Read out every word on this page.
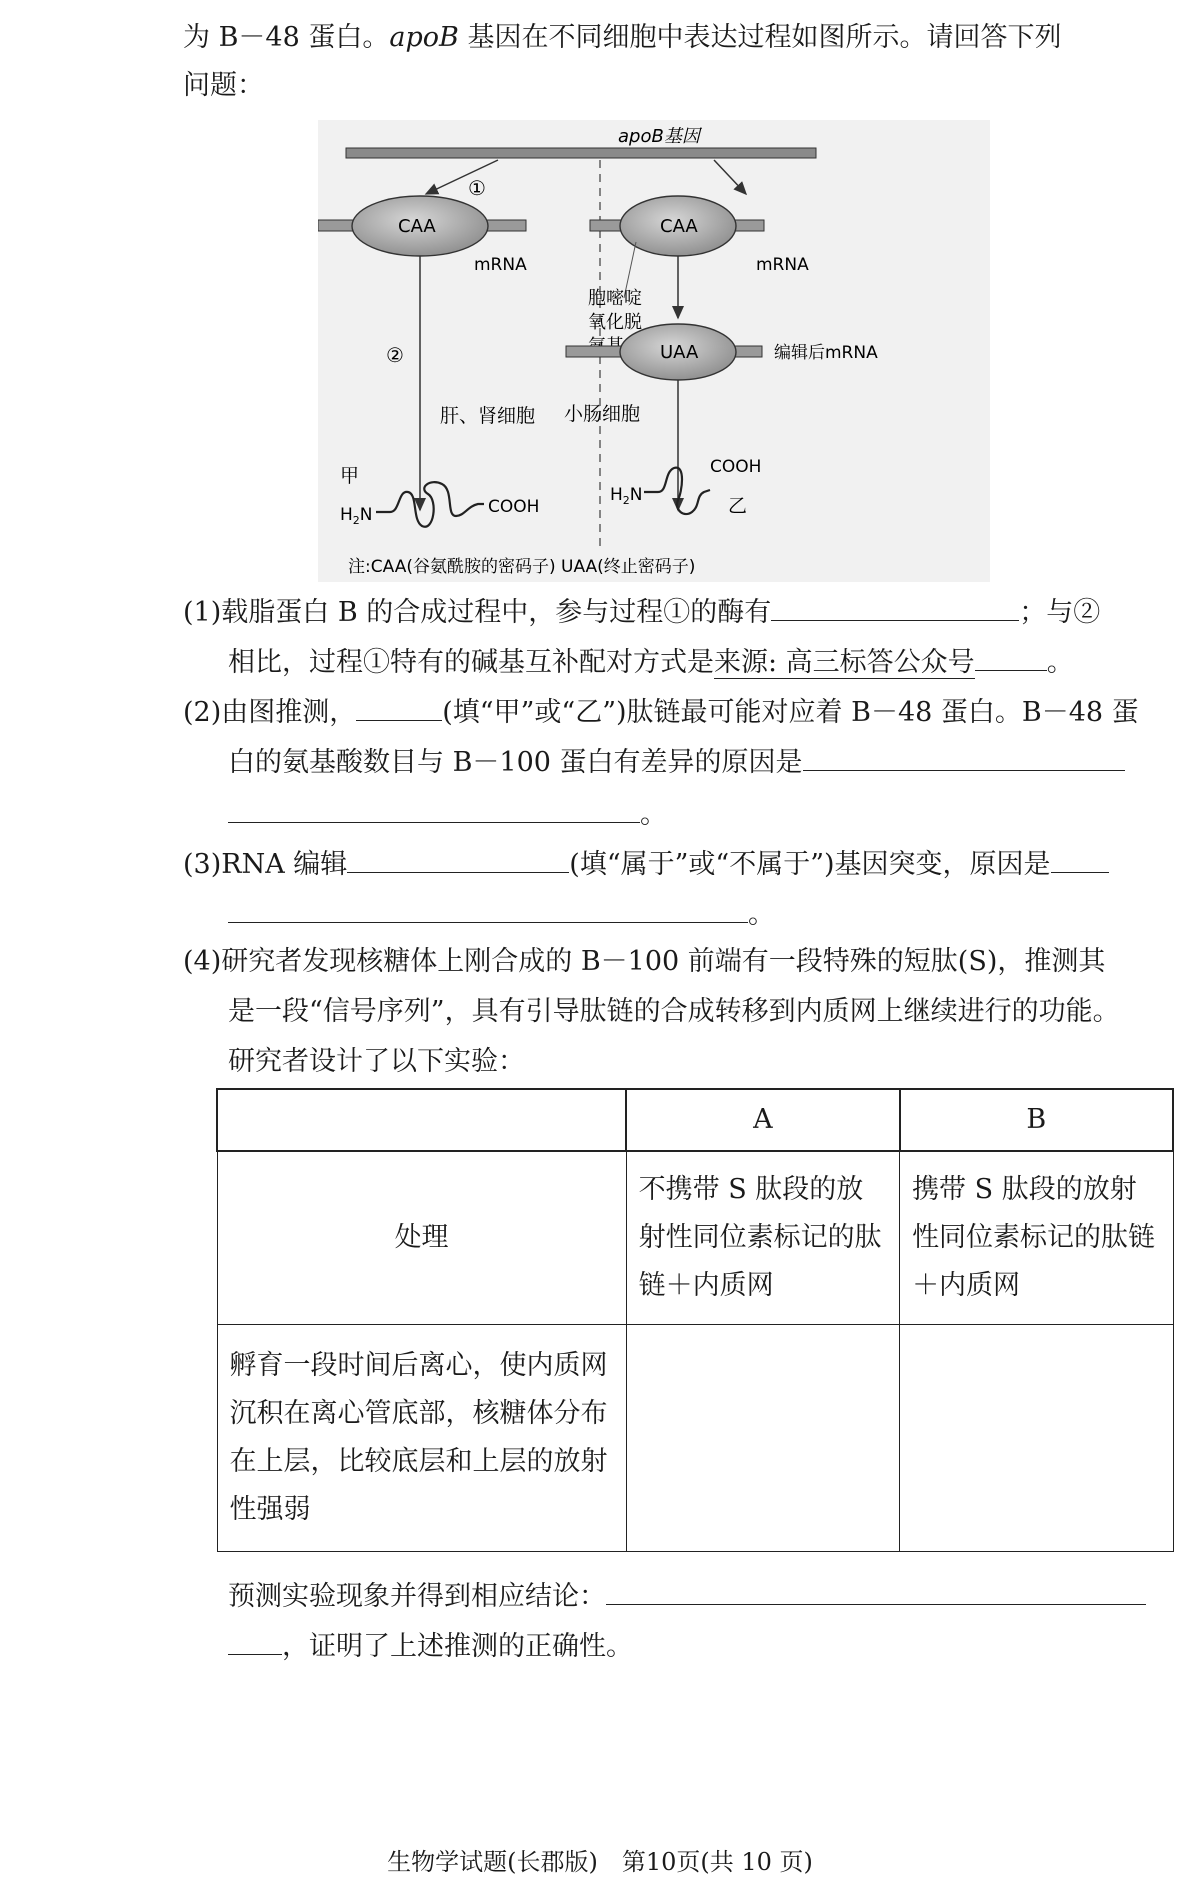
为 B－48 蛋白。apoB 基因在不同细胞中表达过程如图所示。请回答下列
问题：
apoB基因
①
CAA
mRNA
②
肝、肾细胞
甲
$H_2N$	COOH
CAA
mRNA
胞嘧啶
氧化脱
UAA	编辑后mRNA
小肠细胞
$H_2N$
COOH
乙
注:CAA(谷氨酰胺的密码子) UAA(终止密码子)
(1)载脂蛋白 B 的合成过程中，参与过程①的酶有	；与②
相比，过程①特有的碱基互补配对方式是来源: 高三标答公众号	。
(2)由图推测，	(填“甲”或“乙”)肽链最可能对应着 B－48 蛋白。B－48 蛋
白的氨基酸数目与 B－100 蛋白有差异的原因是
。
(3)RNA 编辑	(填“属于”或“不属于”)基因突变，原因是
。
(4)研究者发现核糖体上刚合成的 B－100 前端有一段特殊的短肽(S)，推测其
是一段“信号序列”，具有引导肽链的合成转移到内质网上继续进行的功能。
研究者设计了以下实验：
	A	B
处理	不携带 S 肽段的放射性同位素标记的肽链＋内质网	携带 S 肽段的放射性同位素标记的肽链＋内质网
孵育一段时间后离心，使内质网沉积在离心管底部，核糖体分布在上层，比较底层和上层的放射性强弱		
预测实验现象并得到相应结论：
，证明了上述推测的正确性。
生物学试题(长郡版)　第10页(共 10 页)
